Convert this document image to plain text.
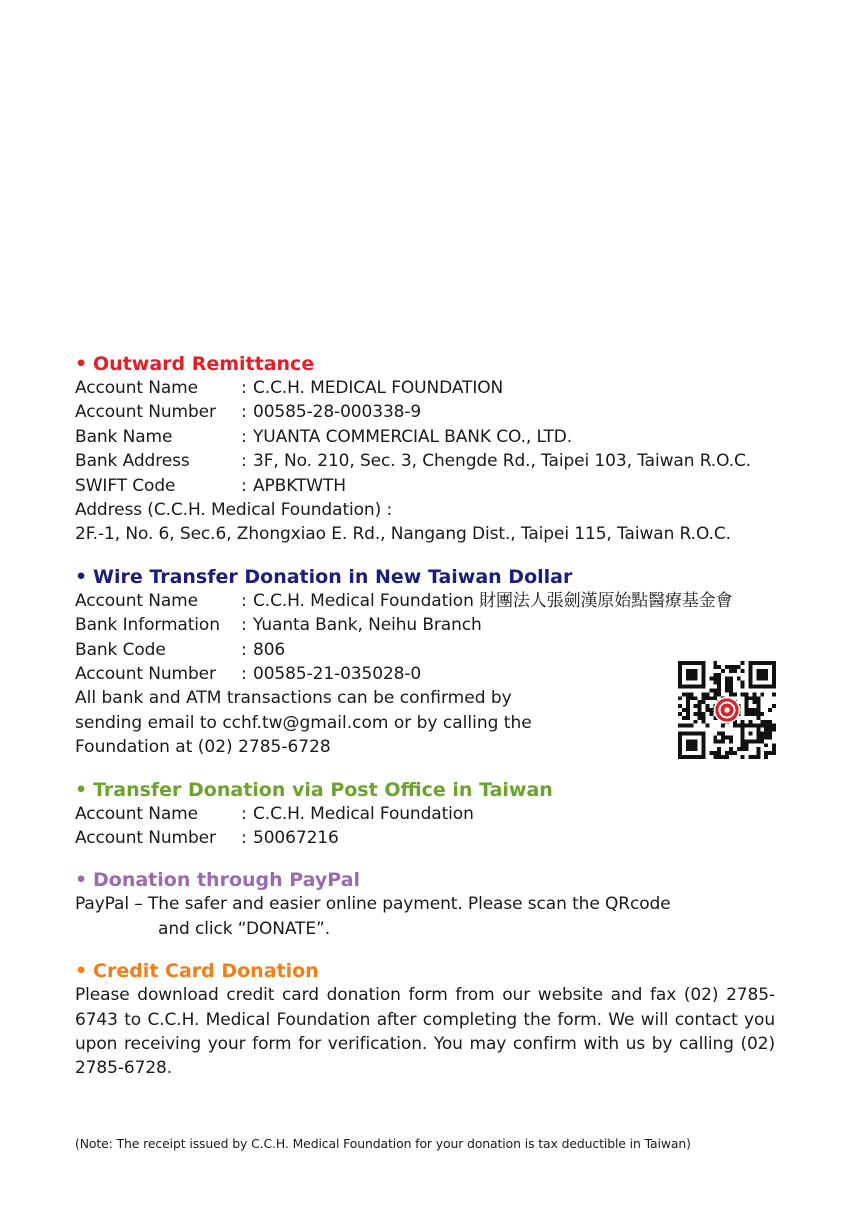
• Outward Remittance
Account Name	: C.C.H. MEDICAL FOUNDATION
Account Number	: 00585-28-000338-9
Bank Name	: YUANTA COMMERCIAL BANK CO., LTD.
Bank Address	: 3F, No. 210, Sec. 3, Chengde Rd., Taipei 103, Taiwan R.O.C.
SWIFT Code	: APBKTWTH
Address (C.C.H. Medical Foundation) :
2F.-1, No. 6, Sec.6, Zhongxiao E. Rd., Nangang Dist., Taipei 115, Taiwan R.O.C.
• Wire Transfer Donation in New Taiwan Dollar
Account Name	: C.C.H. Medical Foundation 財團法人張劍漢原始點醫療基金會
Bank Information	: Yuanta Bank, Neihu Branch
Bank Code	: 806
Account Number	: 00585-21-035028-0
All bank and ATM transactions can be confirmed by sending email to cchf.tw@gmail.com or by calling the Foundation at (02) 2785-6728
• Transfer Donation via Post Office in Taiwan
Account Name	: C.C.H. Medical Foundation
Account Number	: 50067216
• Donation through PayPal
PayPal – The safer and easier online payment. Please scan the QRcode
and click “DONATE”.
• Credit Card Donation
Please download credit card donation form from our website and fax (02) 2785-6743 to C.C.H. Medical Foundation after completing the form. We will contact you upon receiving your form for verification. You may confirm with us by calling (02) 2785-6728.
(Note: The receipt issued by C.C.H. Medical Foundation for your donation is tax deductible in Taiwan)
